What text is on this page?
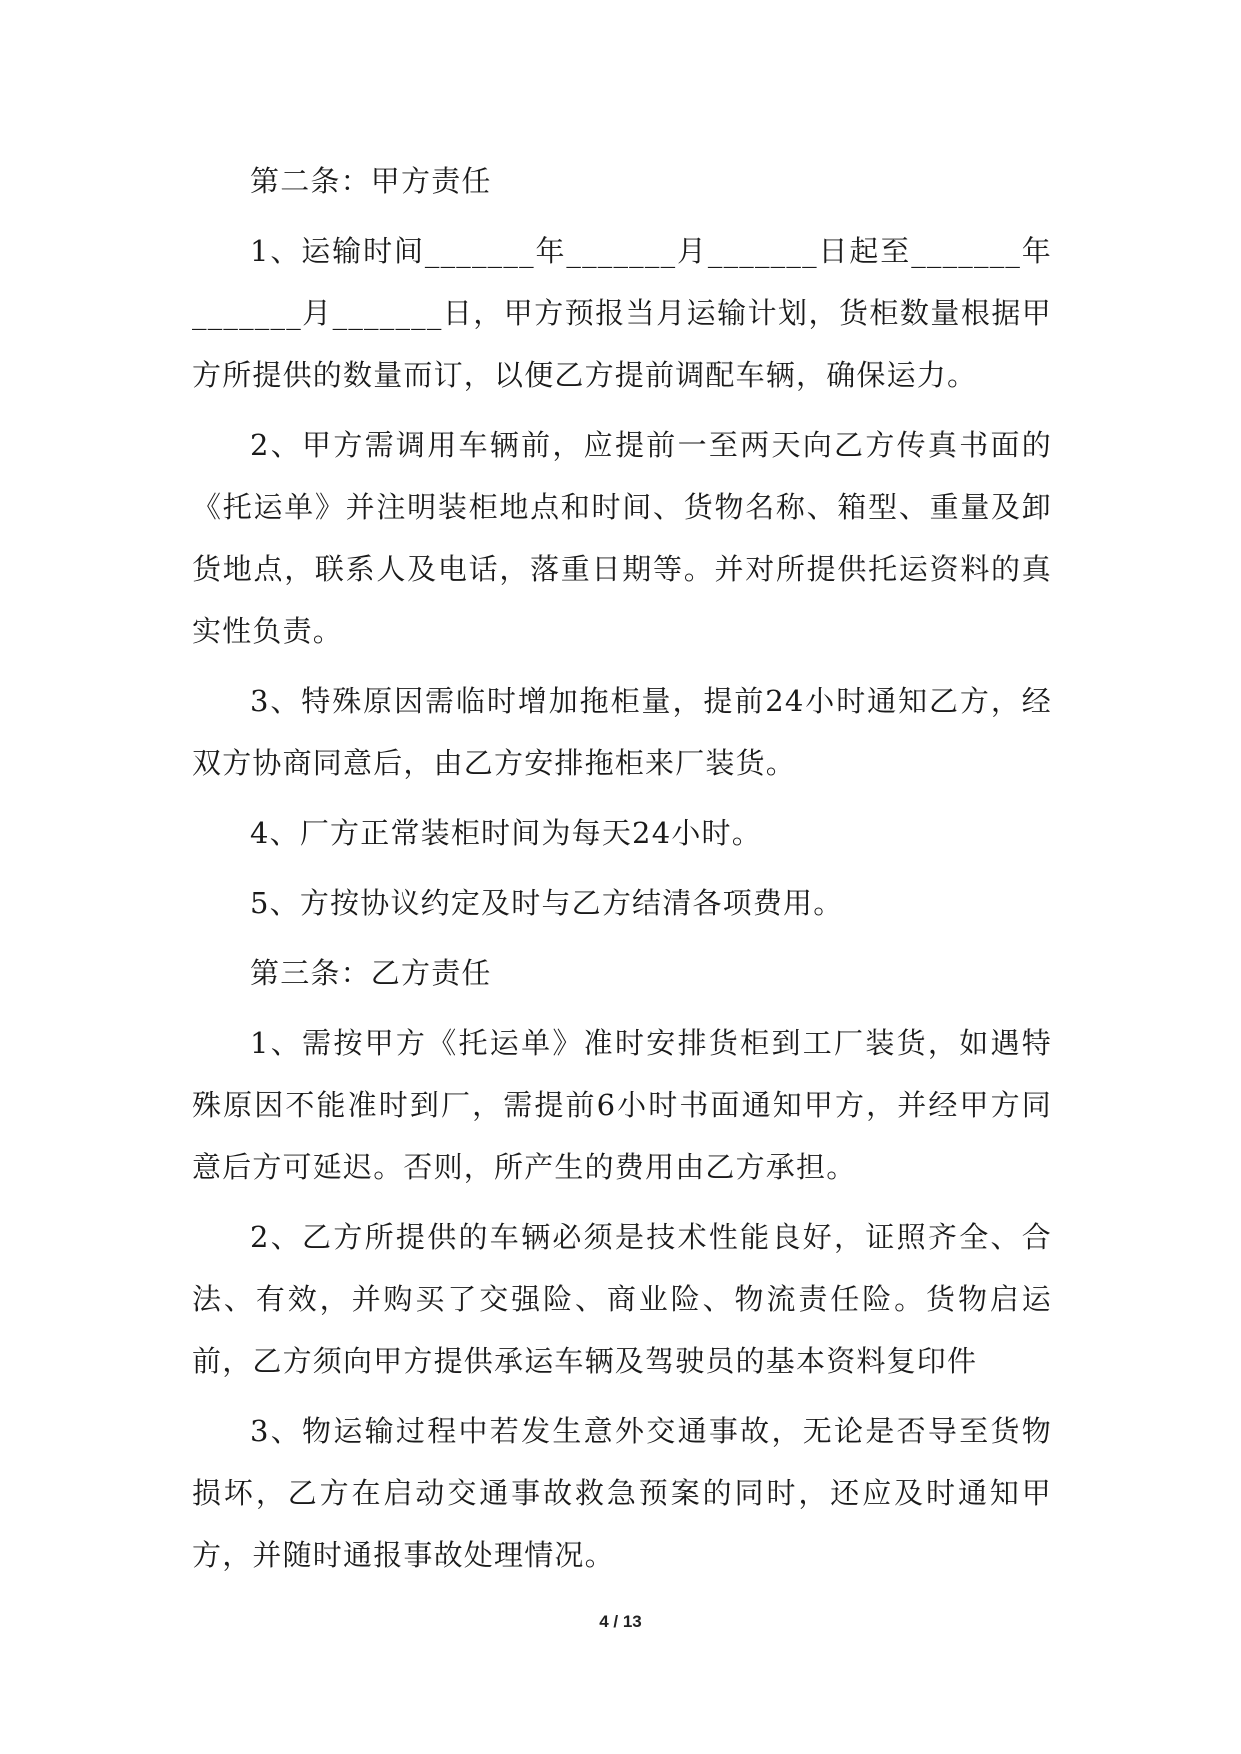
第二条：甲方责任

1、运输时间_______年_______月_______日起至_______年_______月_______日，甲方预报当月运输计划，货柜数量根据甲方所提供的数量而订，以便乙方提前调配车辆，确保运力。

2、甲方需调用车辆前，应提前一至两天向乙方传真书面的《托运单》并注明装柜地点和时间、货物名称、箱型、重量及卸货地点，联系人及电话，落重日期等。并对所提供托运资料的真实性负责。

3、特殊原因需临时增加拖柜量，提前24小时通知乙方，经双方协商同意后，由乙方安排拖柜来厂装货。

4、厂方正常装柜时间为每天24小时。

5、方按协议约定及时与乙方结清各项费用。

第三条：乙方责任

1、需按甲方《托运单》准时安排货柜到工厂装货，如遇特殊原因不能准时到厂，需提前6小时书面通知甲方，并经甲方同意后方可延迟。否则，所产生的费用由乙方承担。

2、乙方所提供的车辆必须是技术性能良好，证照齐全、合法、有效，并购买了交强险、商业险、物流责任险。货物启运前，乙方须向甲方提供承运车辆及驾驶员的基本资料复印件

3、物运输过程中若发生意外交通事故，无论是否导至货物损坏，乙方在启动交通事故救急预案的同时，还应及时通知甲方，并随时通报事故处理情况。

4 / 13
